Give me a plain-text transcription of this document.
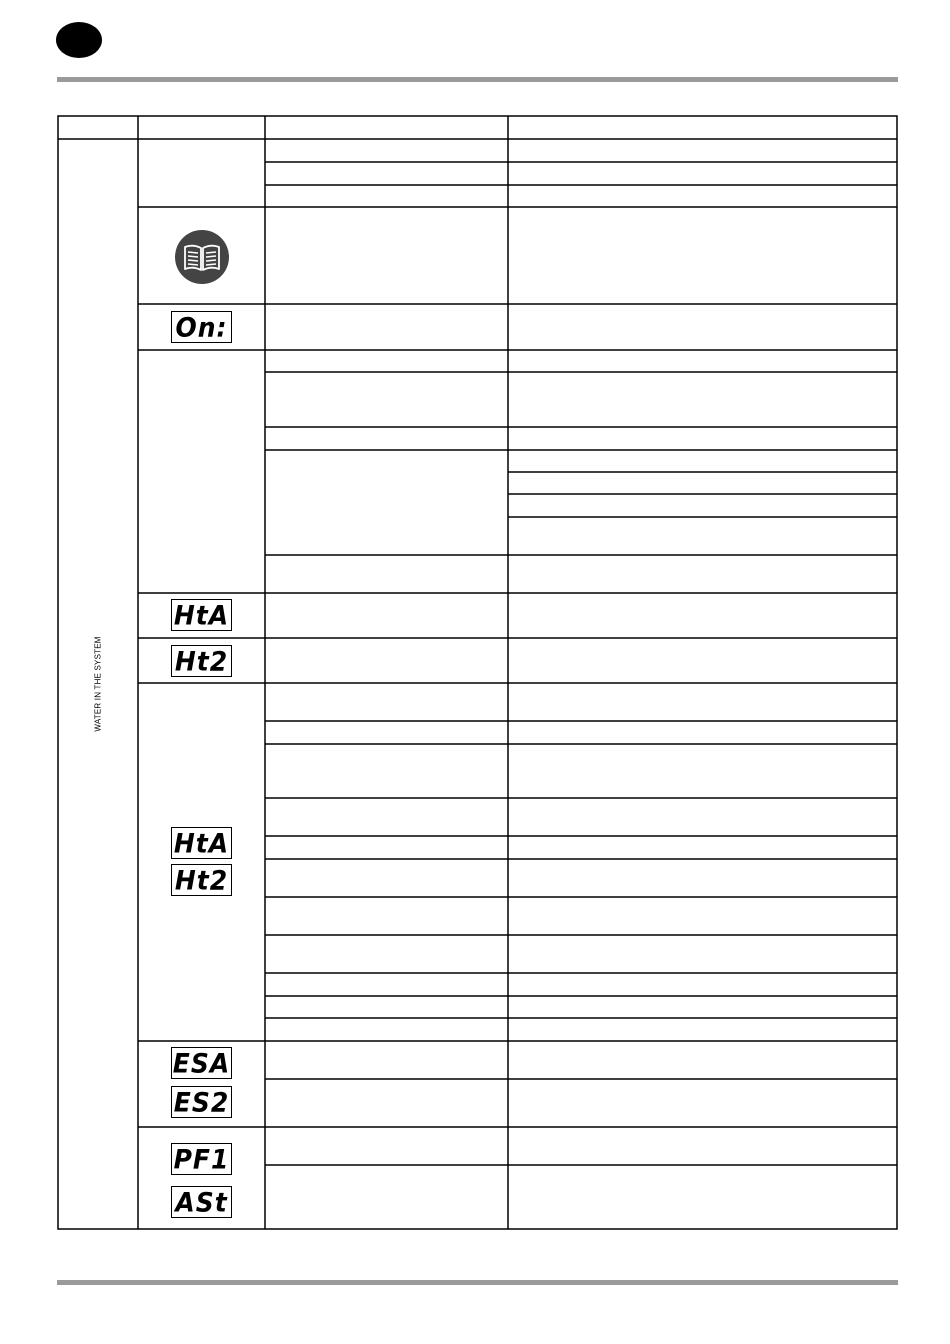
WATER IN THE SYSTEM
On:
HtA
Ht2
HtA
Ht2
ESA
ES2
PF1
ASt
